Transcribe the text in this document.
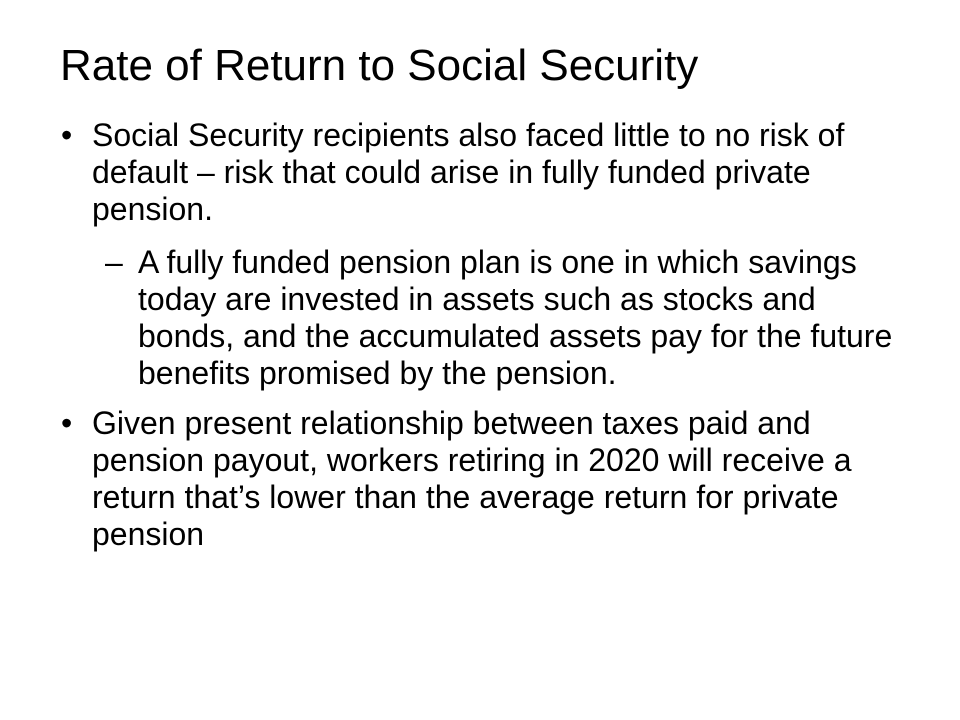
Rate of Return to Social Security
• Social Security recipients also faced little to no risk of default – risk that could arise in fully funded private pension.
– A fully funded pension plan is one in which savings today are invested in assets such as stocks and bonds, and the accumulated assets pay for the future benefits promised by the pension.
• Given present relationship between taxes paid and pension payout, workers retiring in 2020 will receive a return that’s lower than the average return for private pension
